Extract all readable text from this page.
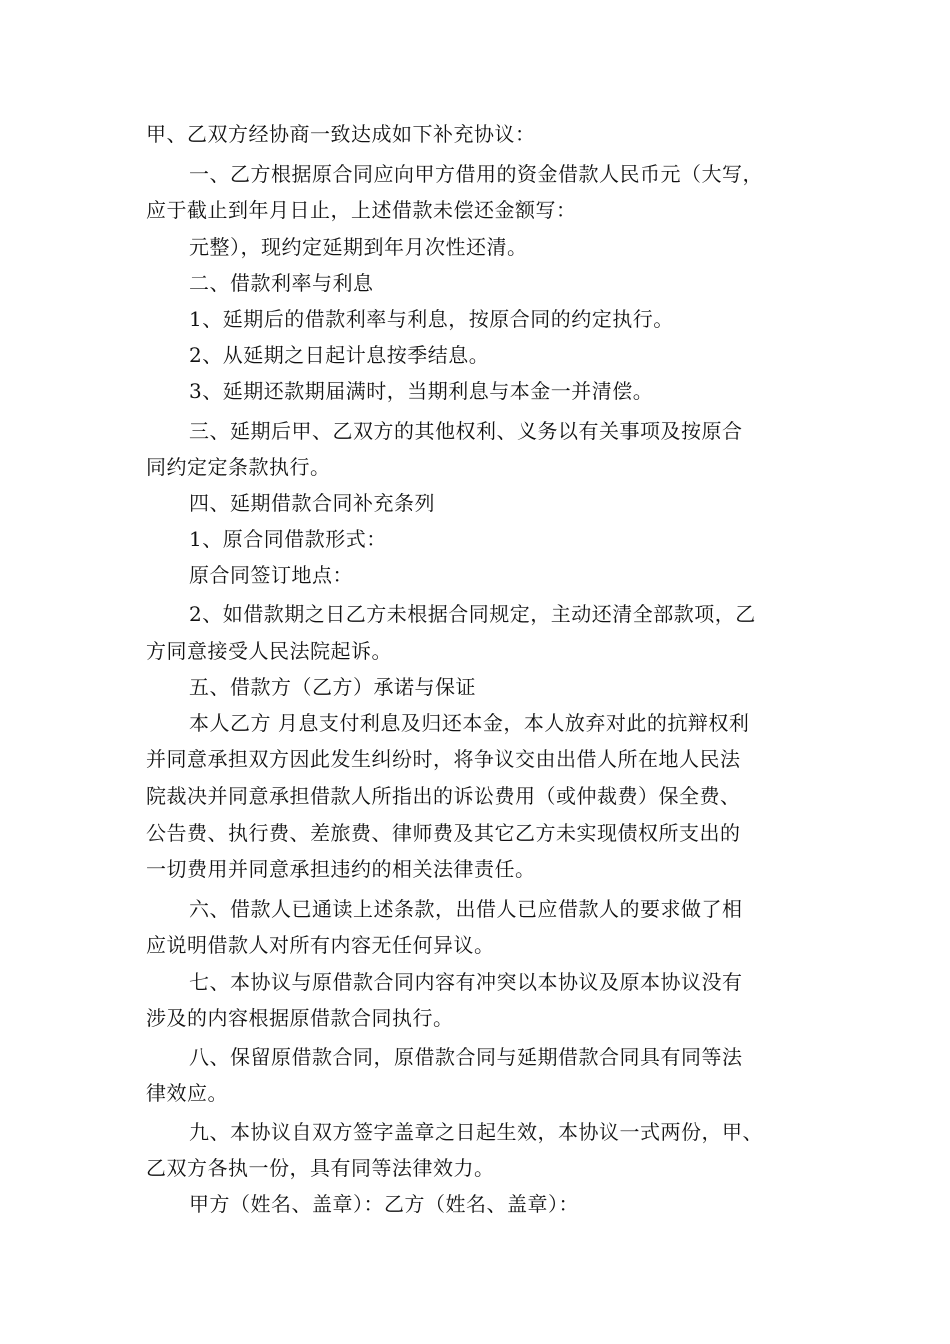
甲、乙双方经协商一致达成如下补充协议：
一、乙方根据原合同应向甲方借用的资金借款人民币元（大写，
应于截止到年月日止，上述借款未偿还金额写：
元整），现约定延期到年月次性还清。
二、借款利率与利息
1、延期后的借款利率与利息，按原合同的约定执行。
2、从延期之日起计息按季结息。
3、延期还款期届满时，当期利息与本金一并清偿。
三、延期后甲、乙双方的其他权利、义务以有关事项及按原合
同约定定条款执行。
四、延期借款合同补充条列
1、原合同借款形式：
原合同签订地点：
2、如借款期之日乙方未根据合同规定，主动还清全部款项，乙
方同意接受人民法院起诉。
五、借款方（乙方）承诺与保证
本人乙方 月息支付利息及归还本金，本人放弃对此的抗辩权利
并同意承担双方因此发生纠纷时，将争议交由出借人所在地人民法
院裁决并同意承担借款人所指出的诉讼费用（或仲裁费）保全费、
公告费、执行费、差旅费、律师费及其它乙方未实现债权所支出的
一切费用并同意承担违约的相关法律责任。
六、借款人已通读上述条款，出借人已应借款人的要求做了相
应说明借款人对所有内容无任何异议。
七、本协议与原借款合同内容有冲突以本协议及原本协议没有
涉及的内容根据原借款合同执行。
八、保留原借款合同，原借款合同与延期借款合同具有同等法
律效应。
九、本协议自双方签字盖章之日起生效，本协议一式两份，甲、
乙双方各执一份，具有同等法律效力。
甲方（姓名、盖章）：乙方（姓名、盖章）：
